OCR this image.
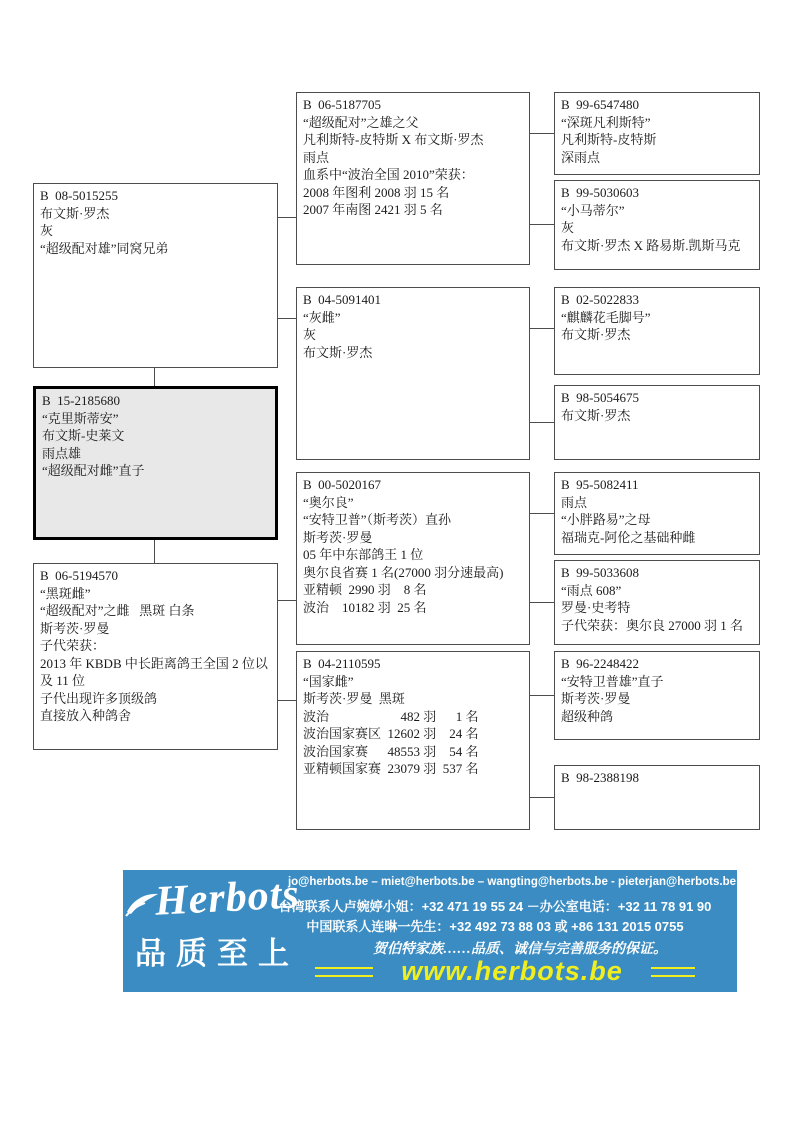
B  08-5015255
布文斯·罗杰
灰
“超级配对雄”同窝兄弟
B  15-2185680
“克里斯蒂安”
布文斯-史莱文
雨点雄
“超级配对雌”直子
B  06-5194570
“黑斑雌”
“超级配对”之雌   黑斑 白条
斯考茨·罗曼
子代荣获：
2013 年 KBDB 中长距离鸽王全国 2 位以及 11 位
子代出现许多顶级鸽
直接放入种鸽舍
B  06-5187705
“超级配对”之雄之父
凡利斯特-皮特斯 X 布文斯·罗杰
雨点
血系中“波治全国 2010”荣获：
2008 年图利 2008 羽 15 名
2007 年南图 2421 羽 5 名
B  04-5091401
“灰雌”
灰
布文斯·罗杰
B  00-5020167
“奥尔良”
“安特卫普”（斯考茨）直孙
斯考茨·罗曼
05 年中东部鸽王 1 位
奥尔良省赛 1 名(27000 羽分速最高)
亚精顿  2990 羽    8 名
波治    10182 羽  25 名
B  04-2110595
“国家雌”
斯考茨·罗曼  黑斑
波治                      482 羽      1 名
波治国家赛区  12602 羽    24 名
波治国家赛      48553 羽    54 名
亚精顿国家赛  23079 羽  537 名
B  99-6547480
“深斑凡利斯特”
凡利斯特-皮特斯
深雨点
B  99-5030603
“小马蒂尔”
灰
布文斯·罗杰 X 路易斯.凯斯马克
B  02-5022833
“麒麟花毛脚号”
布文斯·罗杰
B  98-5054675
布文斯·罗杰
B  95-5082411
雨点
“小胖路易”之母
福瑞克-阿伦之基础种雌
B  99-5033608
“雨点 608”
罗曼·史考特
子代荣获：奥尔良 27000 羽 1 名
B  96-2248422
“安特卫普雄”直子
斯考茨·罗曼
超级种鸽
B  98-2388198
Herbots
品质至上
jo@herbots.be – miet@herbots.be – wangting@herbots.be - pieterjan@herbots.be
台湾联系人卢婉婷小姐：+32 471 19 55 24 －办公室电话：+32 11 78 91 90
中国联系人连晽一先生：+32 492 73 88 03 或 +86 131 2015 0755
贺伯特家族……品质、诚信与完善服务的保证。
www.herbots.be
